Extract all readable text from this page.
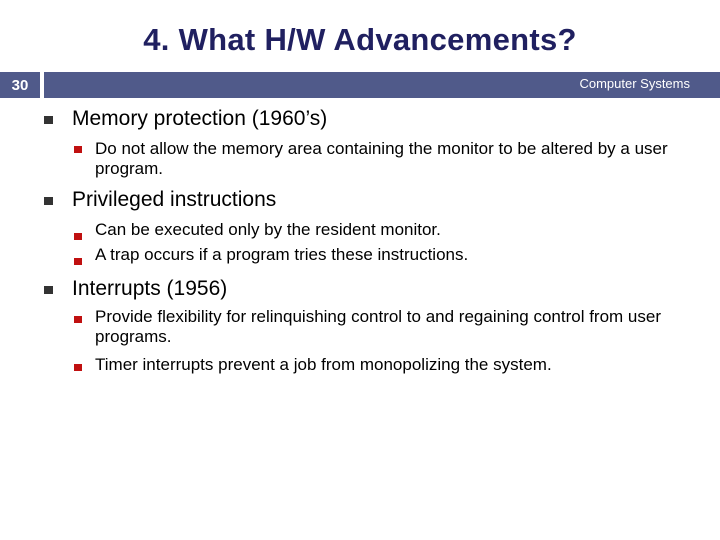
4. What H/W Advancements?
30	Computer Systems
Memory protection (1960’s)
Do not allow the memory area containing the monitor to be altered by a user program.
Privileged instructions
Can be executed only by the resident monitor.
A trap occurs if a program tries these instructions.
Interrupts (1956)
Provide flexibility for relinquishing control to and regaining control from user programs.
Timer interrupts prevent a job from monopolizing the system.
